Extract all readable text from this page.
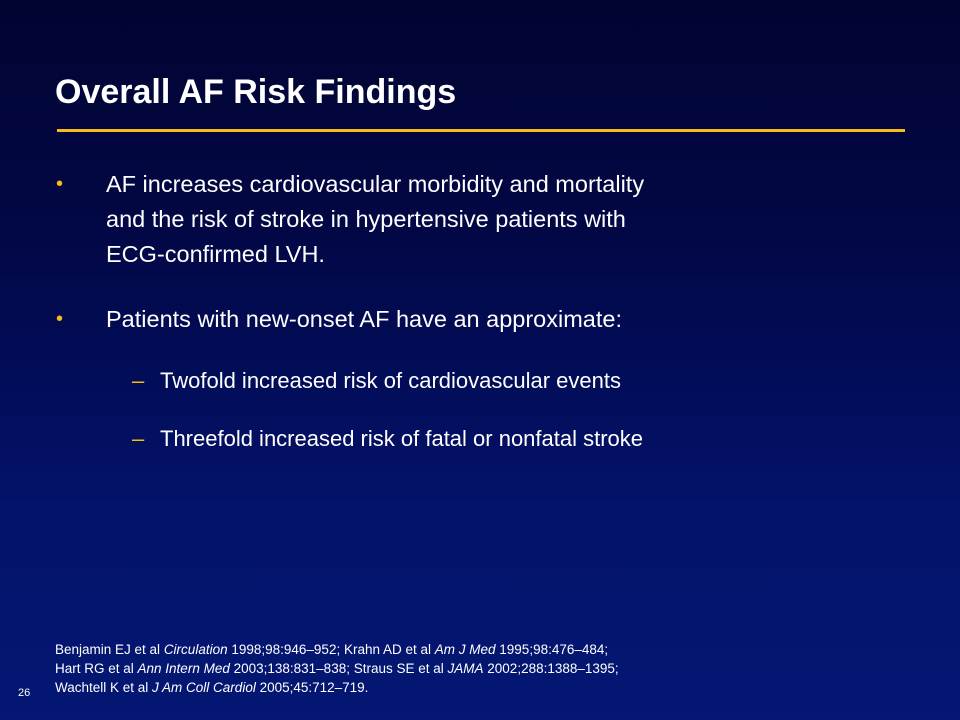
Overall AF Risk Findings
•	AF increases cardiovascular morbidity and mortality
and the risk of stroke in hypertensive patients with
ECG-confirmed LVH.
•	Patients with new-onset AF have an approximate:
– Twofold increased risk of cardiovascular events
– Threefold increased risk of fatal or nonfatal stroke
26
Benjamin EJ et al Circulation 1998;98:946–952; Krahn AD et al Am J Med 1995;98:476–484;
Hart RG et al Ann Intern Med 2003;138:831–838; Straus SE et al JAMA 2002;288:1388–1395;
Wachtell K et al J Am Coll Cardiol 2005;45:712–719.
